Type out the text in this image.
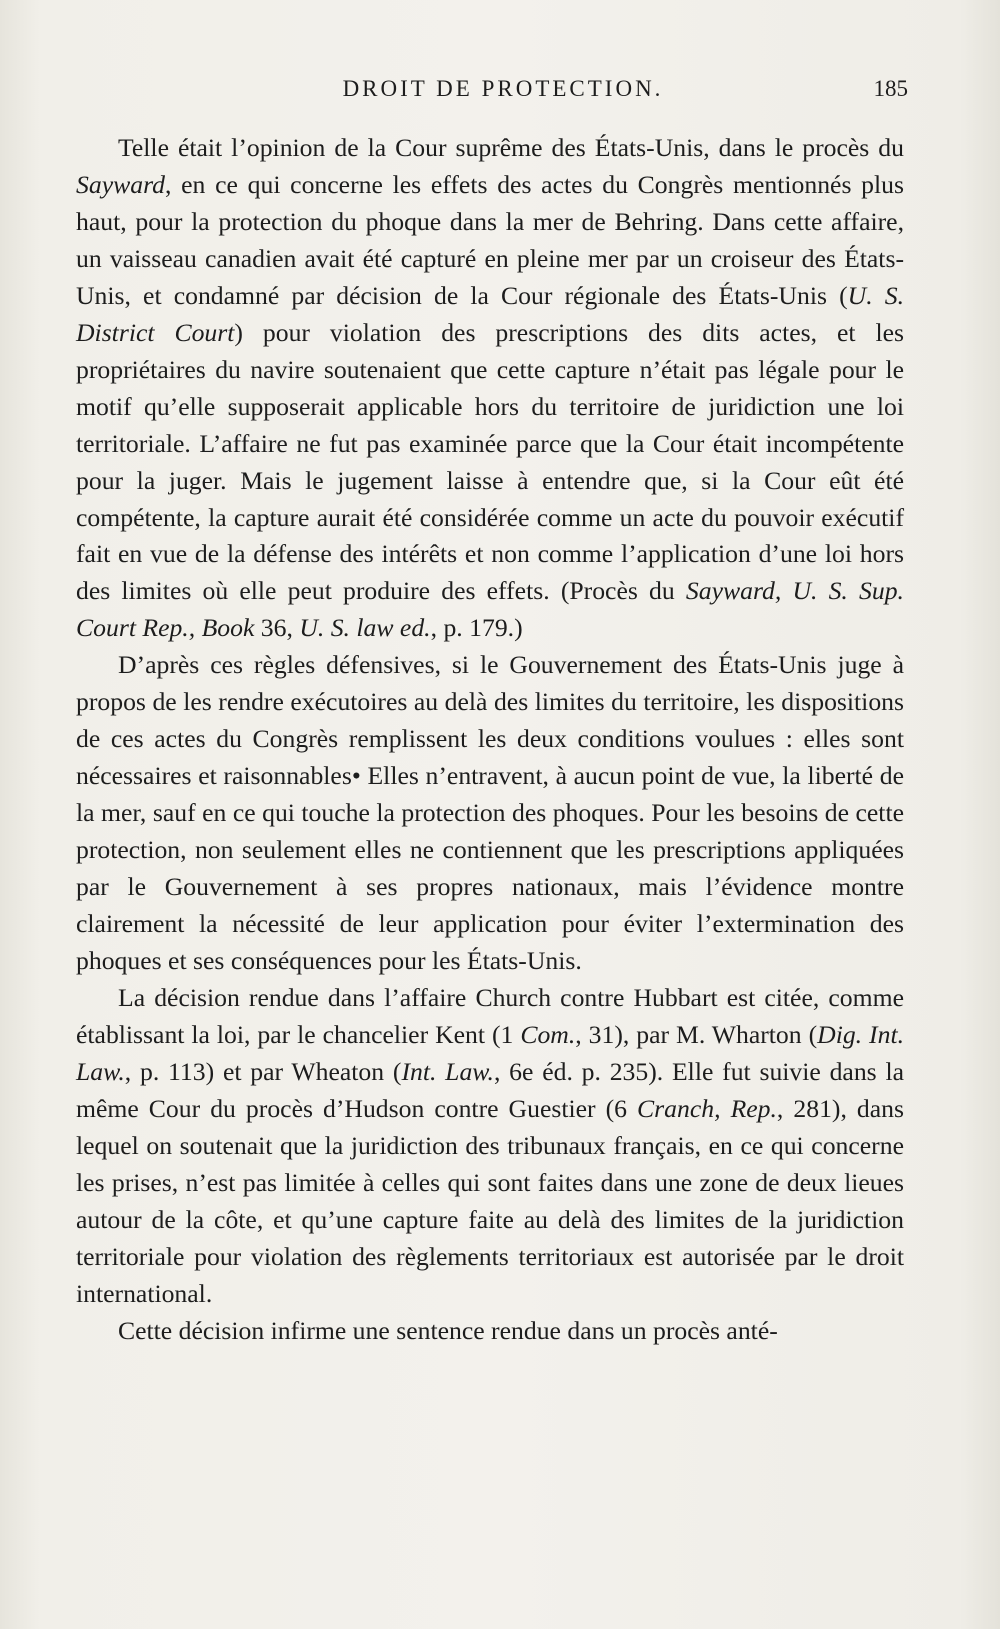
DROIT DE PROTECTION.	185

Telle était l’opinion de la Cour suprême des États-Unis, dans le procès du Sayward, en ce qui concerne les effets des actes du Congrès mentionnés plus haut, pour la protection du phoque dans la mer de Behring. Dans cette affaire, un vaisseau canadien avait été capturé en pleine mer par un croiseur des États-Unis, et condamné par décision de la Cour régionale des États-Unis (U. S. District Court) pour violation des prescriptions des dits actes, et les propriétaires du navire soutenaient que cette capture n’était pas légale pour le motif qu’elle supposerait applicable hors du territoire de juridiction une loi territoriale. L’affaire ne fut pas examinée parce que la Cour était incompétente pour la juger. Mais le jugement laisse à entendre que, si la Cour eût été compétente, la capture aurait été considérée comme un acte du pouvoir exécutif fait en vue de la défense des intérêts et non comme l’application d’une loi hors des limites où elle peut produire des effets. (Procès du Sayward, U. S. Sup. Court Rep., Book 36, U. S. law ed., p. 179.)

D’après ces règles défensives, si le Gouvernement des États-Unis juge à propos de les rendre exécutoires au delà des limites du territoire, les dispositions de ces actes du Congrès remplissent les deux conditions voulues : elles sont nécessaires et raisonnables• Elles n’entravent, à aucun point de vue, la liberté de la mer, sauf en ce qui touche la protection des phoques. Pour les besoins de cette protection, non seulement elles ne contiennent que les prescriptions appliquées par le Gouvernement à ses propres nationaux, mais l’évidence montre clairement la nécessité de leur application pour éviter l’extermination des phoques et ses conséquences pour les États-Unis.

La décision rendue dans l’affaire Church contre Hubbart est citée, comme établissant la loi, par le chancelier Kent (1 Com., 31), par M. Wharton (Dig. Int. Law., p. 113) et par Wheaton (Int. Law., 6e éd. p. 235). Elle fut suivie dans la même Cour du procès d’Hudson contre Guestier (6 Cranch, Rep., 281), dans lequel on soutenait que la juridiction des tribunaux français, en ce qui concerne les prises, n’est pas limitée à celles qui sont faites dans une zone de deux lieues autour de la côte, et qu’une capture faite au delà des limites de la juridiction territoriale pour violation des règlements territoriaux est autorisée par le droit international.

Cette décision infirme une sentence rendue dans un procès anté-
